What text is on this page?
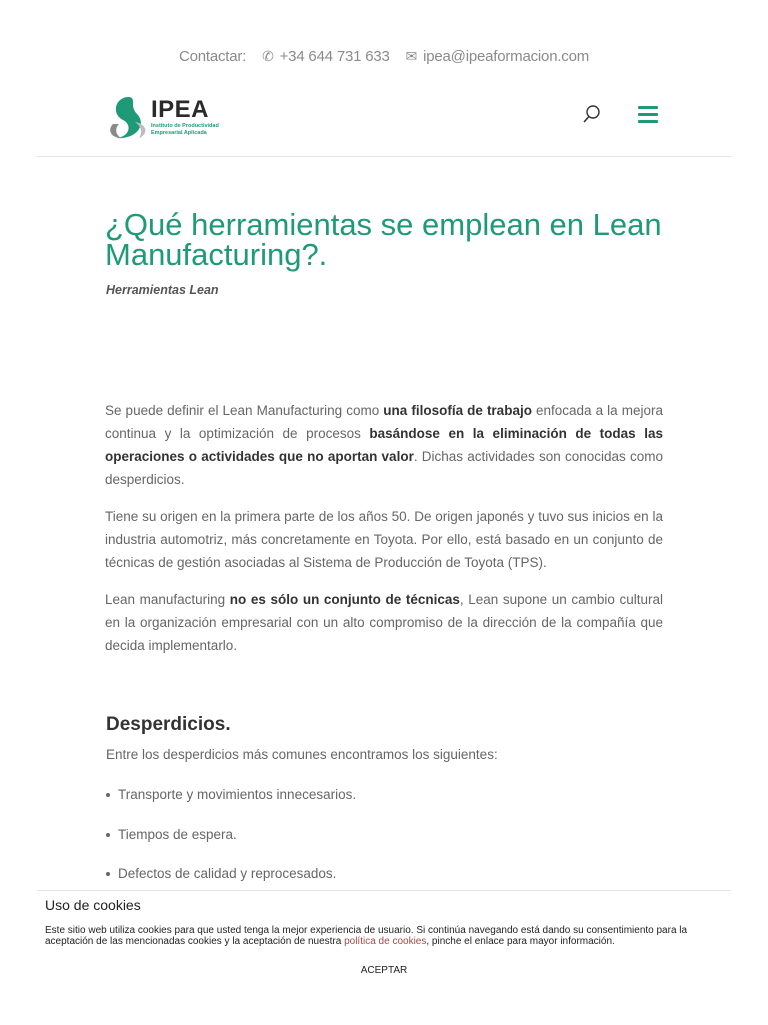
Contactar: ✆ +34 644 731 633 ✉ ipea@ipeaformacion.com
IPEA
Instituto de Productividad
Empresarial Aplicada
¿Qué herramientas se emplean en Lean Manufacturing?.
Herramientas Lean

Se puede definir el Lean Manufacturing como una filosofía de trabajo enfocada a la mejora continua y la optimización de procesos basándose en la eliminación de todas las operaciones o actividades que no aportan valor. Dichas actividades son conocidas como desperdicios.

Tiene su origen en la primera parte de los años 50. De origen japonés y tuvo sus inicios en la industria automotriz, más concretamente en Toyota. Por ello, está basado en un conjunto de técnicas de gestión asociadas al Sistema de Producción de Toyota (TPS).

Lean manufacturing no es sólo un conjunto de técnicas, Lean supone un cambio cultural en la organización empresarial con un alto compromiso de la dirección de la compañía que decida implementarlo.

Desperdicios.
Entre los desperdicios más comunes encontramos los siguientes:
Transporte y movimientos innecesarios.
Tiempos de espera.
Defectos de calidad y reprocesados.
Uso de cookies
Este sitio web utiliza cookies para que usted tenga la mejor experiencia de usuario. Si continúa navegando está dando su consentimiento para la aceptación de las mencionadas cookies y la aceptación de nuestra política de cookies, pinche el enlace para mayor información.
ACEPTAR
